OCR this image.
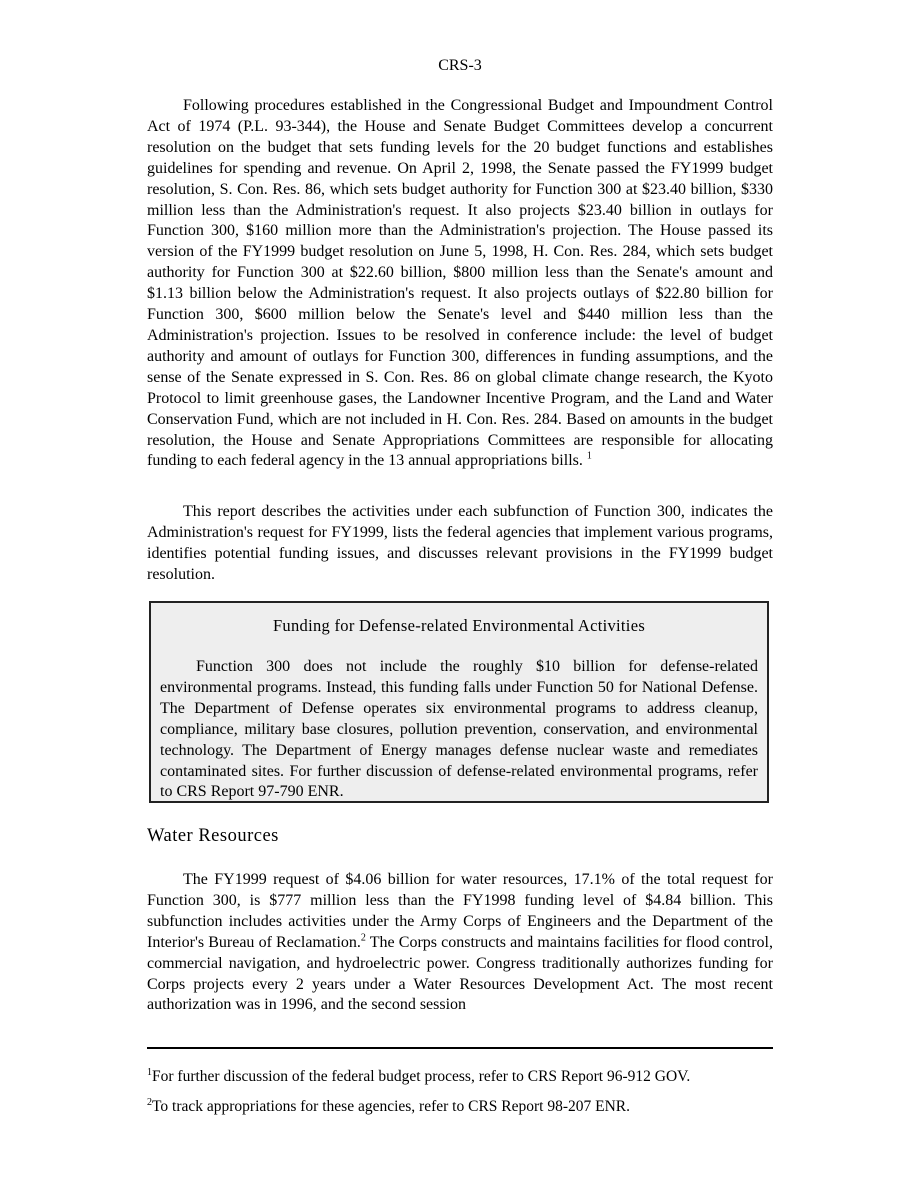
CRS-3

Following procedures established in the Congressional Budget and Impoundment Control Act of 1974 (P.L. 93-344), the House and Senate Budget Committees develop a concurrent resolution on the budget that sets funding levels for the 20 budget functions and establishes guidelines for spending and revenue. On April 2, 1998, the Senate passed the FY1999 budget resolution, S. Con. Res. 86, which sets budget authority for Function 300 at $23.40 billion, $330 million less than the Administration's request. It also projects $23.40 billion in outlays for Function 300, $160 million more than the Administration's projection. The House passed its version of the FY1999 budget resolution on June 5, 1998, H. Con. Res. 284, which sets budget authority for Function 300 at $22.60 billion, $800 million less than the Senate's amount and $1.13 billion below the Administration's request. It also projects outlays of $22.80 billion for Function 300, $600 million below the Senate's level and $440 million less than the Administration's projection. Issues to be resolved in conference include: the level of budget authority and amount of outlays for Function 300, differences in funding assumptions, and the sense of the Senate expressed in S. Con. Res. 86 on global climate change research, the Kyoto Protocol to limit greenhouse gases, the Landowner Incentive Program, and the Land and Water Conservation Fund, which are not included in H. Con. Res. 284. Based on amounts in the budget resolution, the House and Senate Appropriations Committees are responsible for allocating funding to each federal agency in the 13 annual appropriations bills. $^1$

This report describes the activities under each subfunction of Function 300, indicates the Administration's request for FY1999, lists the federal agencies that implement various programs, identifies potential funding issues, and discusses relevant provisions in the FY1999 budget resolution.

Funding for Defense-related Environmental Activities

Function 300 does not include the roughly $10 billion for defense-related environmental programs. Instead, this funding falls under Function 50 for National Defense. The Department of Defense operates six environmental programs to address cleanup, compliance, military base closures, pollution prevention, conservation, and environmental technology. The Department of Energy manages defense nuclear waste and remediates contaminated sites. For further discussion of defense-related environmental programs, refer to CRS Report 97-790 ENR.

Water Resources

The FY1999 request of $4.06 billion for water resources, 17.1% of the total request for Function 300, is $777 million less than the FY1998 funding level of $4.84 billion. This subfunction includes activities under the Army Corps of Engineers and the Department of the Interior's Bureau of Reclamation.$^2$ The Corps constructs and maintains facilities for flood control, commercial navigation, and hydroelectric power. Congress traditionally authorizes funding for Corps projects every 2 years under a Water Resources Development Act. The most recent authorization was in 1996, and the second session

$^1$For further discussion of the federal budget process, refer to CRS Report 96-912 GOV.

$^2$To track appropriations for these agencies, refer to CRS Report 98-207 ENR.
